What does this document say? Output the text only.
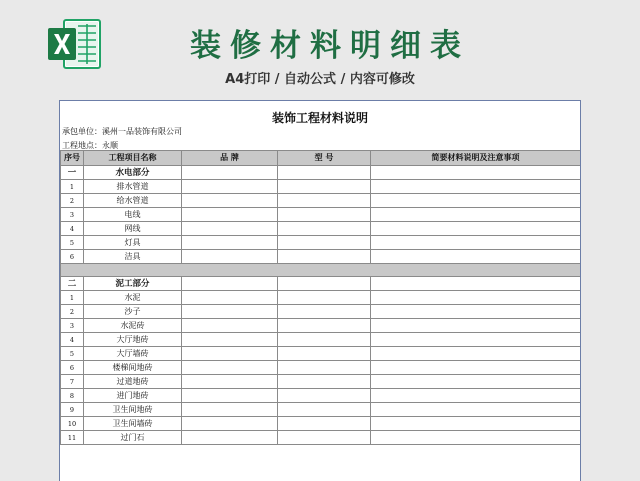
装修材料明细表
A4打印 / 自动公式 / 内容可修改
装饰工程材料说明
承包单位：溪州一品装饰有限公司
工程地点：永顺
序号	工程项目名称	品 牌	型 号	简要材料说明及注意事项
一	水电部分			
1	排水管道			
2	给水管道			
3	电线			
4	网线			
5	灯具			
6	洁具			

二	泥工部分			
1	水泥			
2	沙子			
3	水泥砖			
4	大厅地砖			
5	大厅墙砖			
6	楼梯间地砖			
7	过道地砖			
8	进门地砖			
9	卫生间地砖			
10	卫生间墙砖			
11	过门石			
